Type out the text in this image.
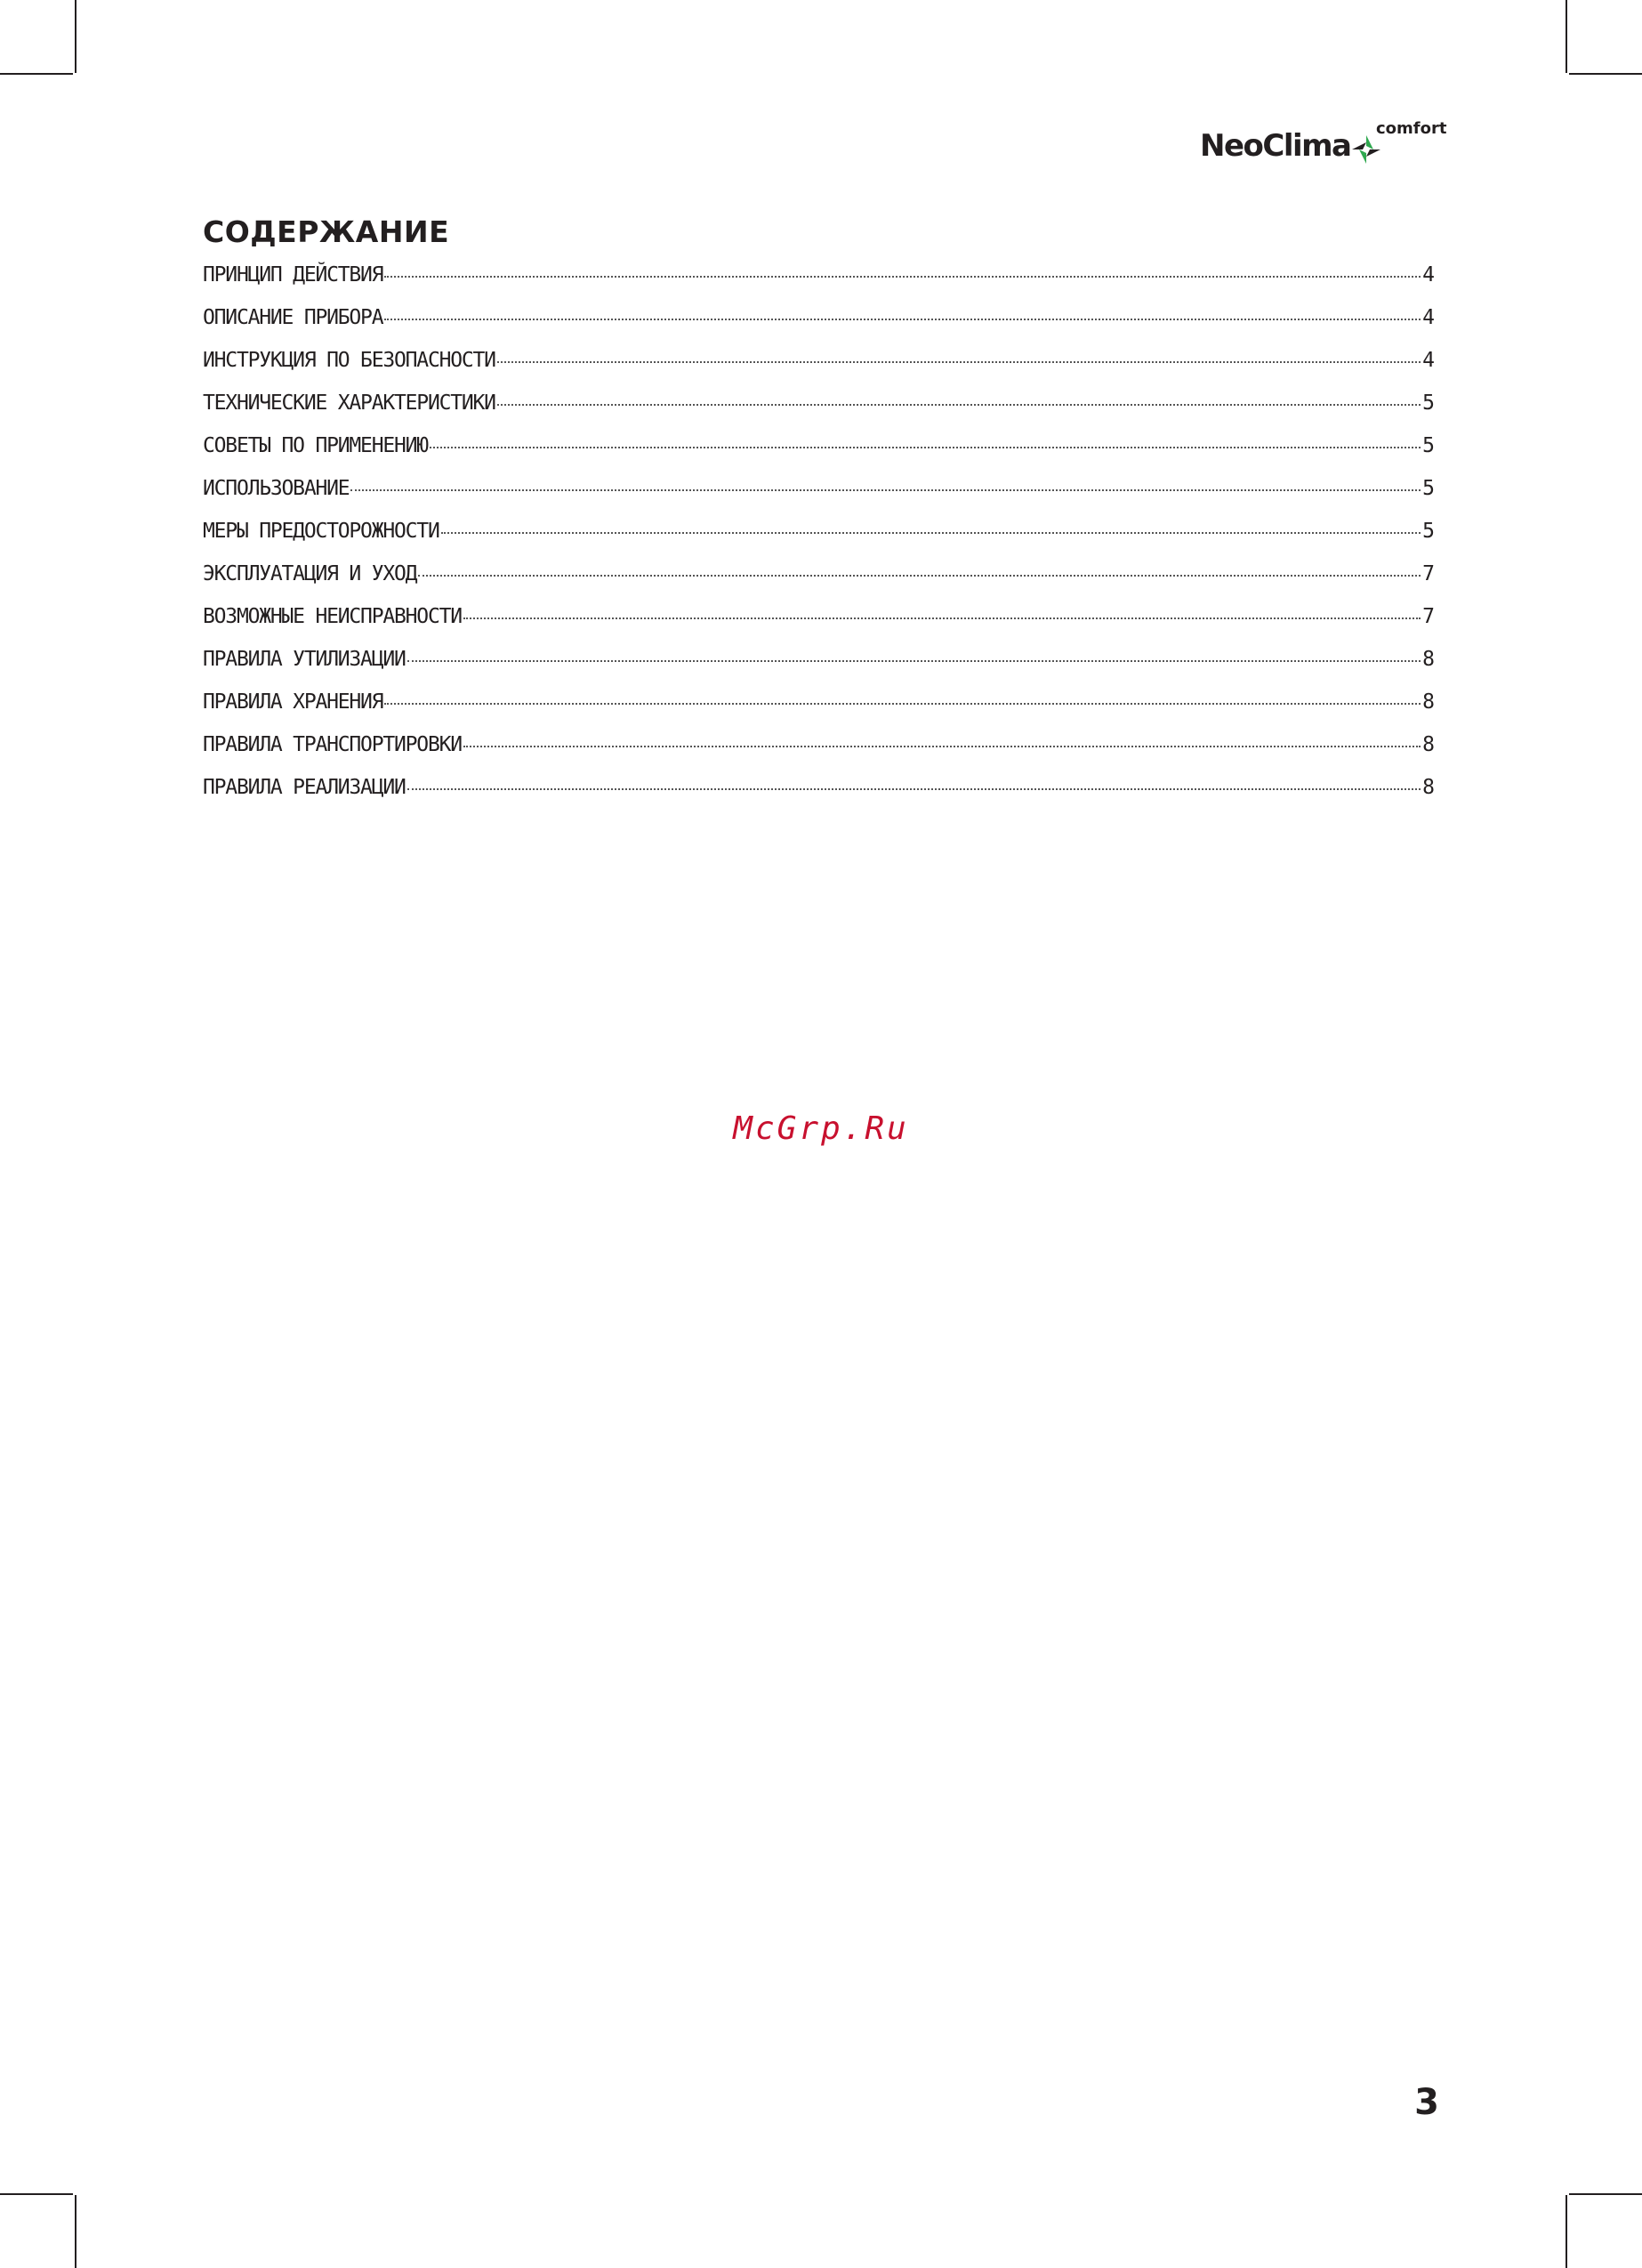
NeoClima comfort
СОДЕРЖАНИЕ
ПРИНЦИП ДЕЙСТВИЯ	4
ОПИСАНИЕ ПРИБОРА	4
ИНСТРУКЦИЯ ПО БЕЗОПАСНОСТИ	4
ТЕХНИЧЕСКИЕ ХАРАКТЕРИСТИКИ	5
СОВЕТЫ ПО ПРИМЕНЕНИЮ	5
ИСПОЛЬЗОВАНИЕ	5
МЕРЫ ПРЕДОСТОРОЖНОСТИ	5
ЭКСПЛУАТАЦИЯ И УХОД	7
ВОЗМОЖНЫЕ НЕИСПРАВНОСТИ	7
ПРАВИЛА УТИЛИЗАЦИИ	8
ПРАВИЛА ХРАНЕНИЯ	8
ПРАВИЛА ТРАНСПОРТИРОВКИ	8
ПРАВИЛА РЕАЛИЗАЦИИ	8
McGrp.Ru
3
